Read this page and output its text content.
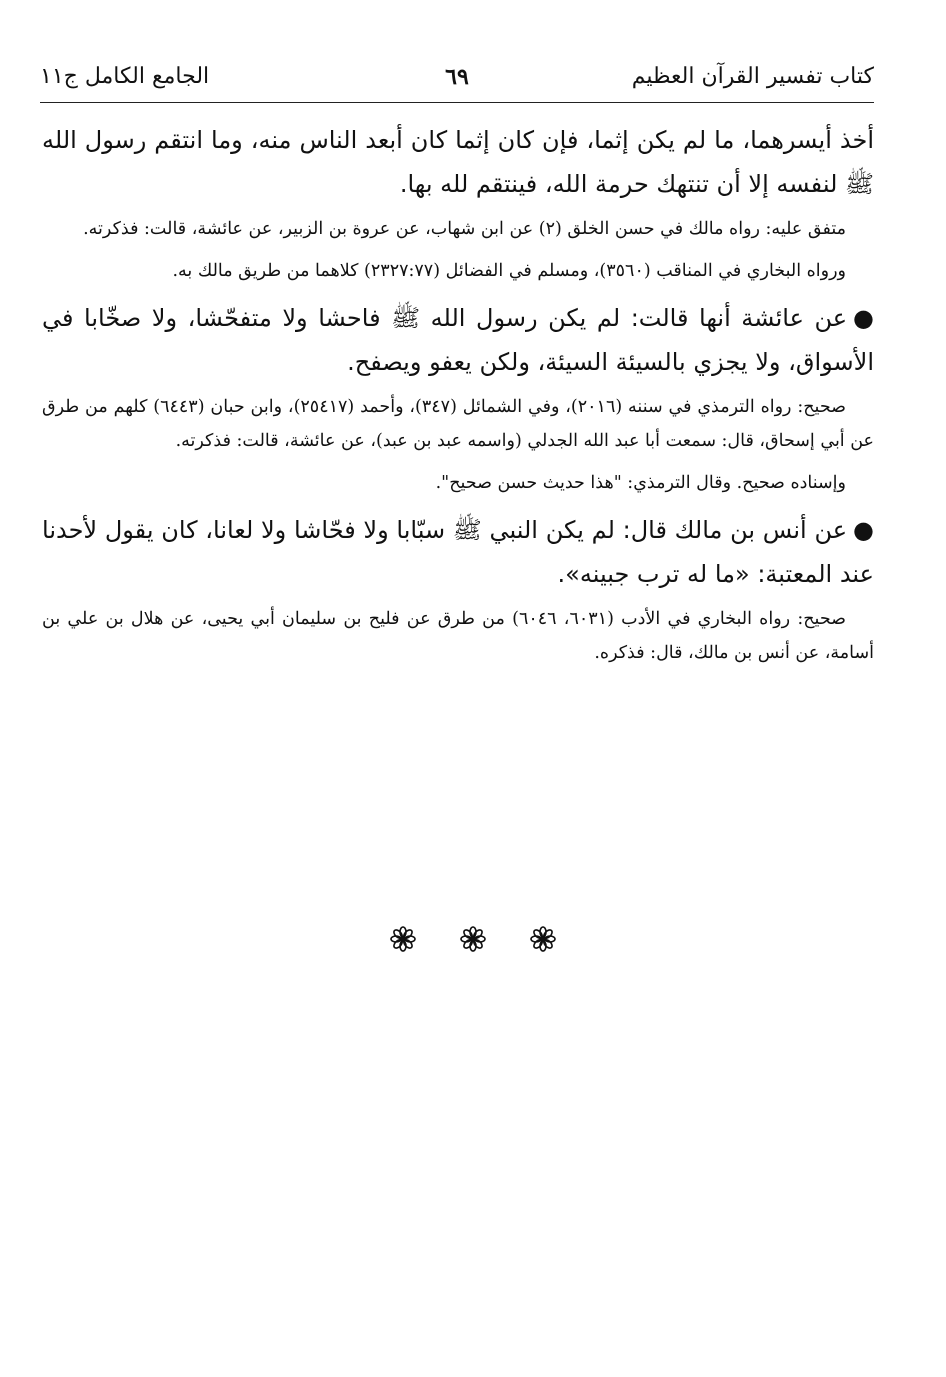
كتاب تفسير القرآن العظيم
٦٩
الجامع الكامل ج١١

أخذ أيسرهما، ما لم يكن إثما، فإن كان إثما كان أبعد الناس منه، وما انتقم رسول الله ﷺ لنفسه إلا أن تنتهك حرمة الله، فينتقم لله بها.

متفق عليه: رواه مالك في حسن الخلق (٢) عن ابن شهاب، عن عروة بن الزبير، عن عائشة، قالت: فذكرته.

ورواه البخاري في المناقب (٣٥٦٠)، ومسلم في الفضائل (٢٣٢٧:٧٧) كلاهما من طريق مالك به.

●عن عائشة أنها قالت: لم يكن رسول الله ﷺ فاحشا ولا متفحّشا، ولا صخّابا في الأسواق، ولا يجزي بالسيئة السيئة، ولكن يعفو ويصفح.

صحيح: رواه الترمذي في سننه (٢٠١٦)، وفي الشمائل (٣٤٧)، وأحمد (٢٥٤١٧)، وابن حبان (٦٤٤٣) كلهم من طرق عن أبي إسحاق، قال: سمعت أبا عبد الله الجدلي (واسمه عبد بن عبد)، عن عائشة، قالت: فذكرته.

وإسناده صحيح. وقال الترمذي: "هذا حديث حسن صحيح".

●عن أنس بن مالك قال: لم يكن النبي ﷺ سبّابا ولا فحّاشا ولا لعانا، كان يقول لأحدنا عند المعتبة: «ما له ترب جبينه».

صحيح: رواه البخاري في الأدب (٦٠٣١، ٦٠٤٦) من طرق عن فليح بن سليمان أبي يحيى، عن هلال بن علي بن أسامة، عن أنس بن مالك، قال: فذكره.
